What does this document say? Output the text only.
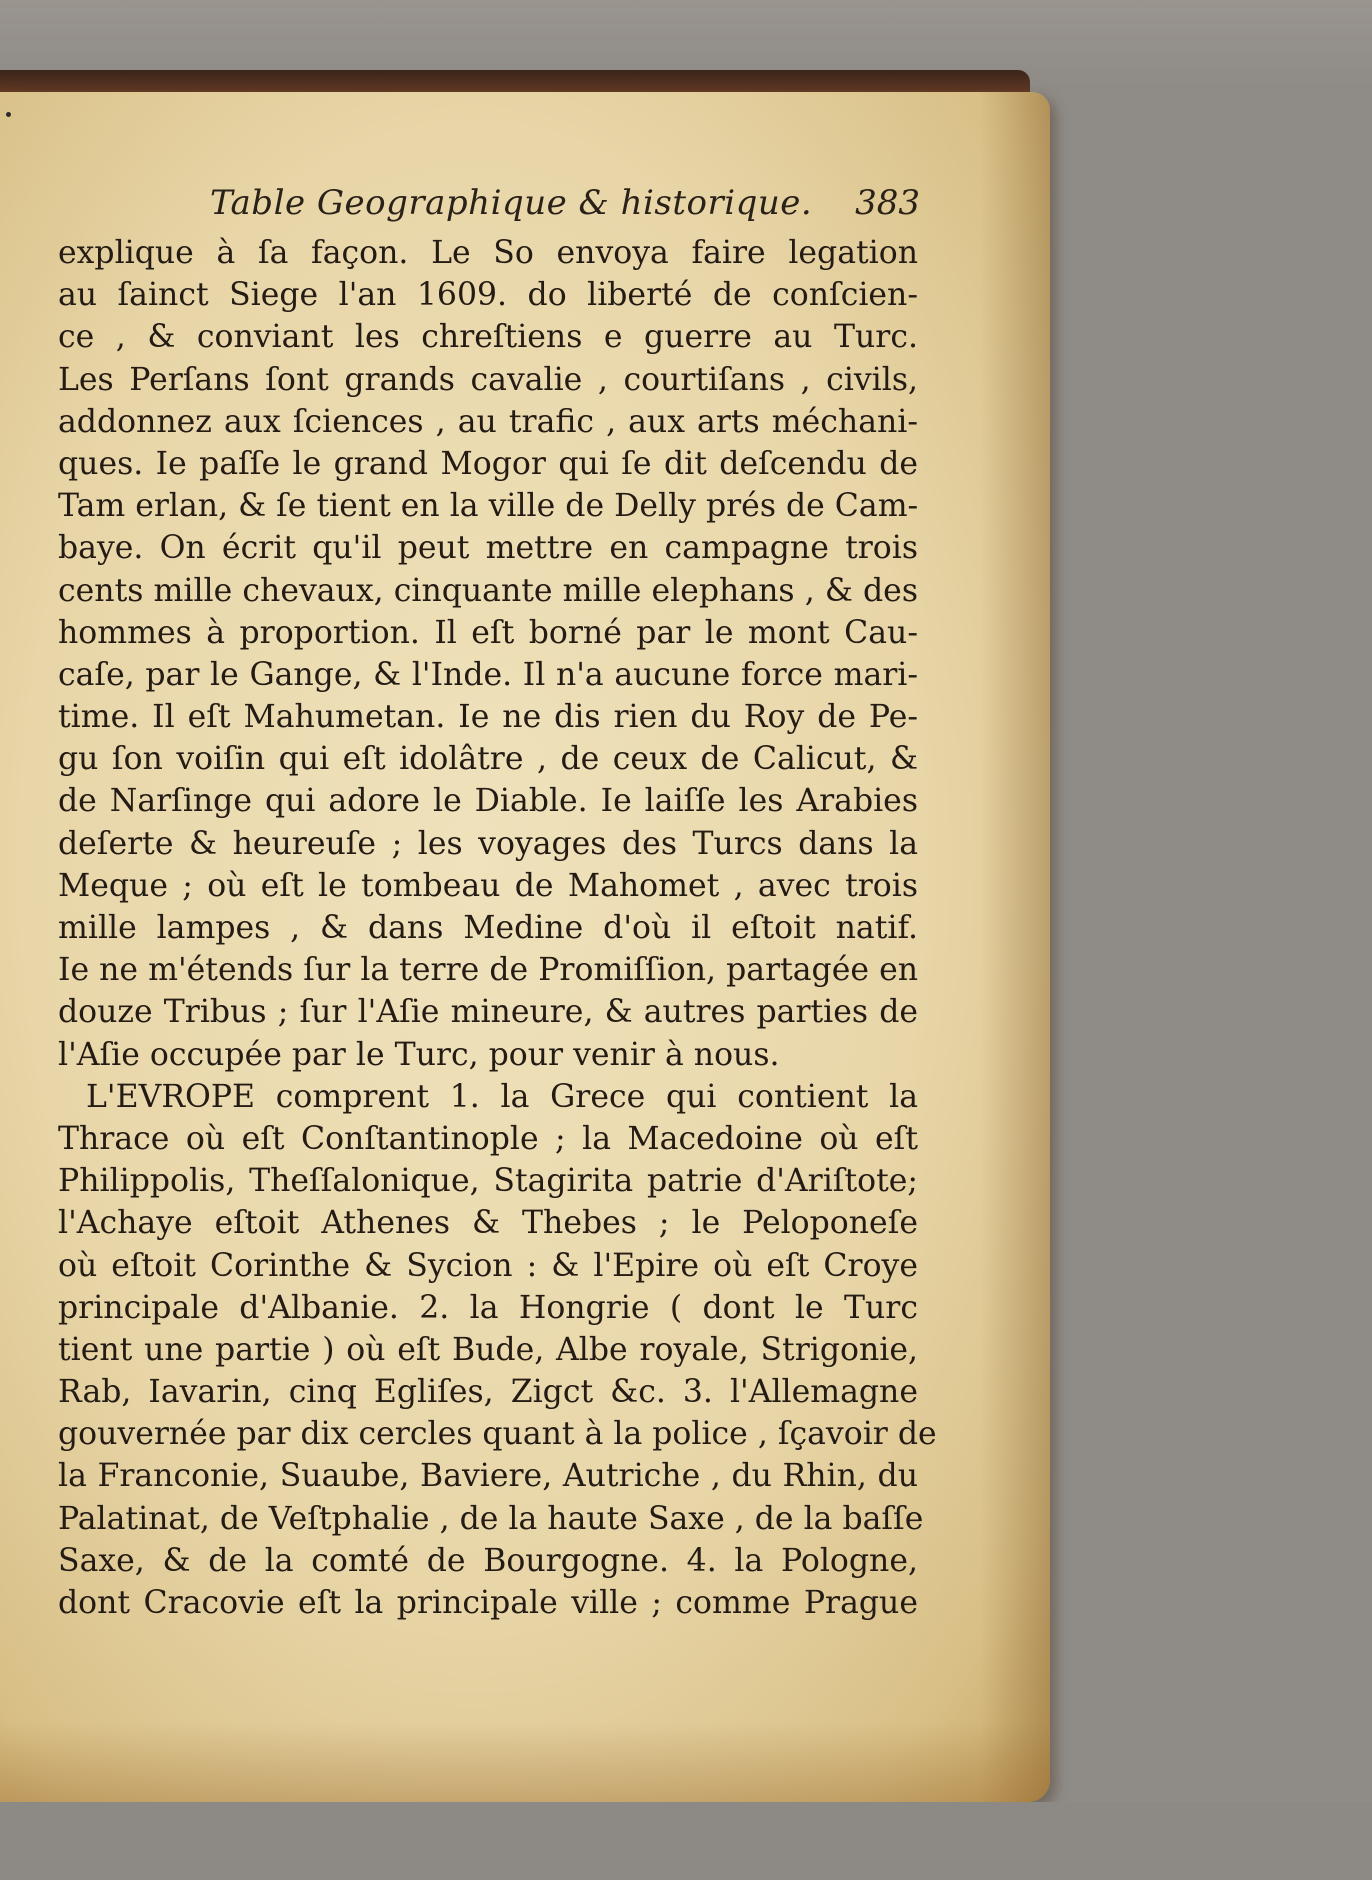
Table Geographique & historique. 383
explique à ſa façon. Le So envoya faire legation
au ſainct Siege l'an 1609. do liberté de conſcien-
ce , & conviant les chreſtiens e guerre au Turc.
Les Perſans ſont grands cavalie , courtiſans , civils,
addonnez aux ſciences , au trafic , aux arts méchani-
ques. Ie paſſe le grand Mogor qui ſe dit deſcendu de
Tam erlan, & ſe tient en la ville de Delly prés de Cam-
baye. On écrit qu'il peut mettre en campagne trois
cents mille chevaux, cinquante mille elephans , & des
hommes à proportion. Il eſt borné par le mont Cau-
caſe, par le Gange, & l'Inde. Il n'a aucune force mari-
time. Il eſt Mahumetan. Ie ne dis rien du Roy de Pe-
gu ſon voiſin qui eſt idolâtre , de ceux de Calicut, &
de Narſinge qui adore le Diable. Ie laiſſe les Arabies
deſerte & heureuſe ; les voyages des Turcs dans la
Meque ; où eſt le tombeau de Mahomet , avec trois
mille lampes , & dans Medine d'où il eſtoit natif.
Ie ne m'étends ſur la terre de Promiſſion, partagée en
douze Tribus ; ſur l'Aſie mineure, & autres parties de
l'Aſie occupée par le Turc, pour venir à nous.
L'EVROPE comprent 1. la Grece qui contient la
Thrace où eſt Conſtantinople ; la Macedoine où eſt
Philippolis, Theſſalonique, Stagirita patrie d'Ariſtote;
l'Achaye eſtoit Athenes & Thebes ; le Peloponeſe
où eſtoit Corinthe & Sycion : & l'Epire où eſt Croye
principale d'Albanie. 2. la Hongrie ( dont le Turc
tient une partie ) où eſt Bude, Albe royale, Strigonie,
Rab, Iavarin, cinq Egliſes, Zigct &c. 3. l'Allemagne
gouvernée par dix cercles quant à la police , ſçavoir de
la Franconie, Suaube, Baviere, Autriche , du Rhin, du
Palatinat, de Veſtphalie , de la haute Saxe , de la baſſe
Saxe, & de la comté de Bourgogne. 4. la Pologne,
dont Cracovie eſt la principale ville ; comme Prague
